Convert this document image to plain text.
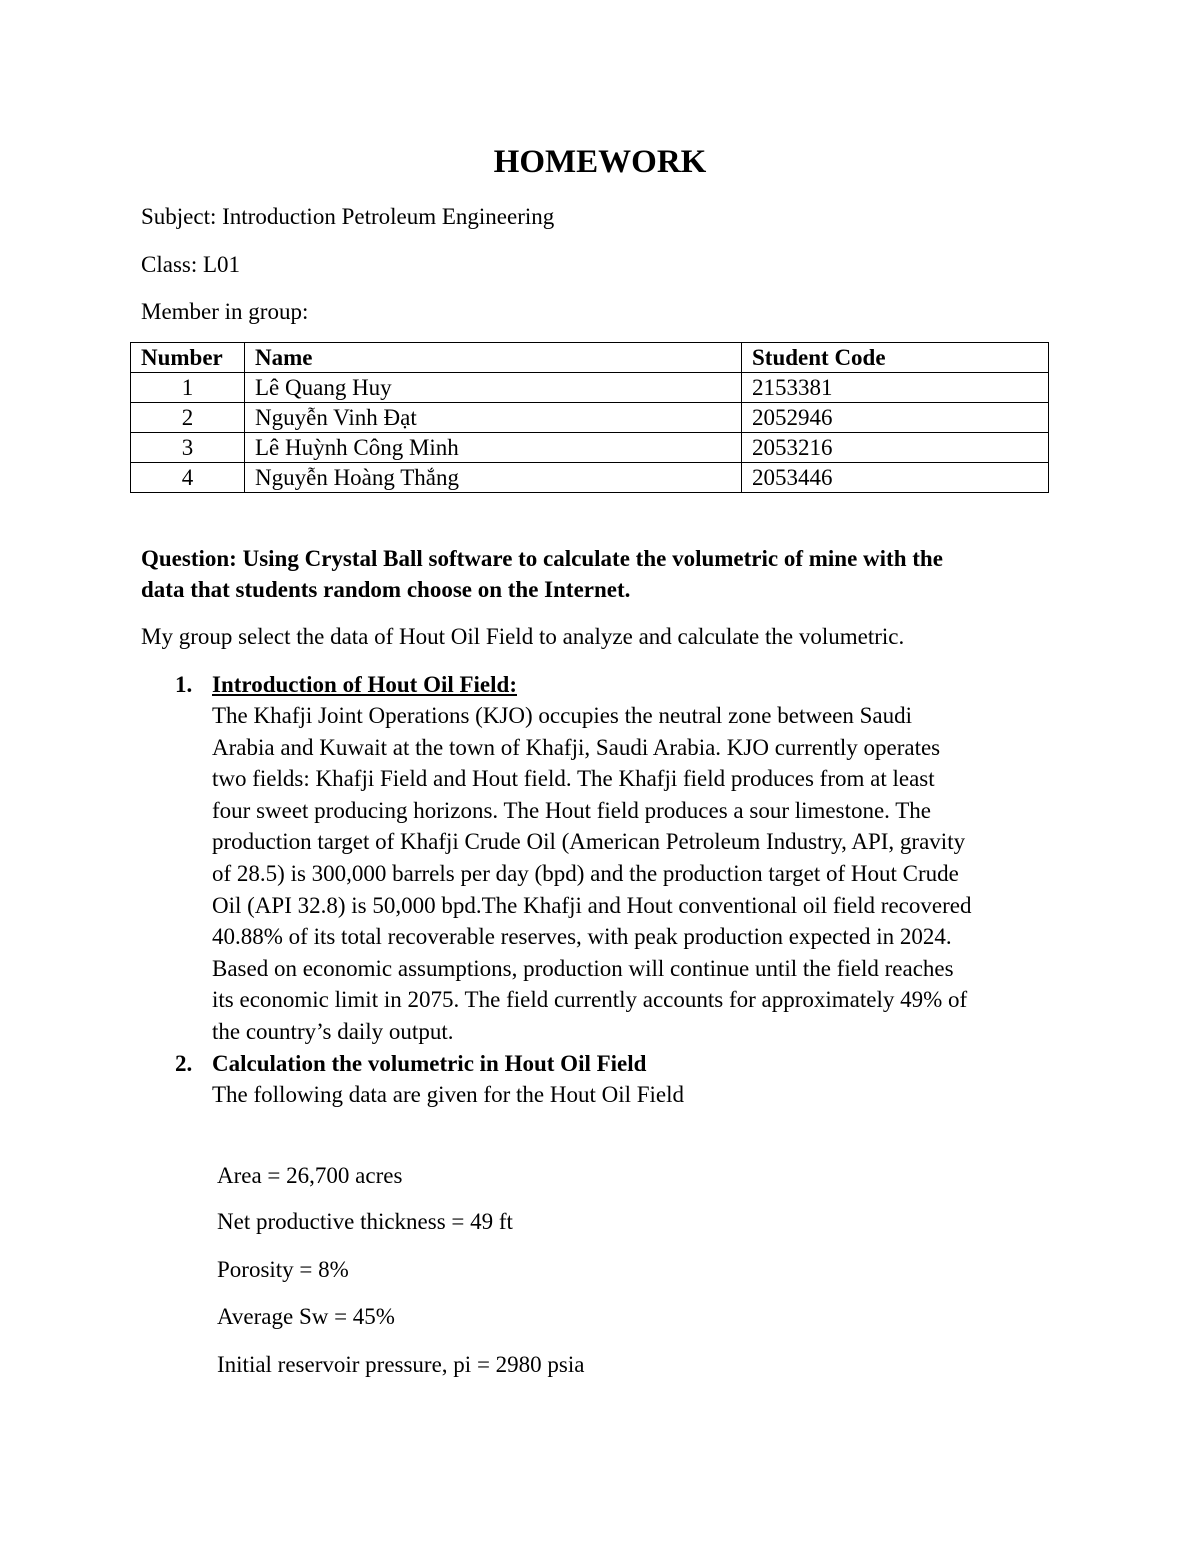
HOMEWORK
Subject: Introduction Petroleum Engineering
Class: L01
Member in group:
Number	Name	Student Code
1	Lê Quang Huy	2153381
2	Nguyễn Vinh Đạt	2052946
3	Lê Huỳnh Công Minh	2053216
4	Nguyễn Hoàng Thắng	2053446
Question: Using Crystal Ball software to calculate the volumetric of mine with the
data that students random choose on the Internet.
My group select the data of Hout Oil Field to analyze and calculate the volumetric.
1. Introduction of Hout Oil Field:
The Khafji Joint Operations (KJO) occupies the neutral zone between Saudi
Arabia and Kuwait at the town of Khafji, Saudi Arabia. KJO currently operates
two fields: Khafji Field and Hout field. The Khafji field produces from at least
four sweet producing horizons. The Hout field produces a sour limestone. The
production target of Khafji Crude Oil (American Petroleum Industry, API, gravity
of 28.5) is 300,000 barrels per day (bpd) and the production target of Hout Crude
Oil (API 32.8) is 50,000 bpd.The Khafji and Hout conventional oil field recovered
40.88% of its total recoverable reserves, with peak production expected in 2024.
Based on economic assumptions, production will continue until the field reaches
its economic limit in 2075. The field currently accounts for approximately 49% of
the country’s daily output.
2. Calculation the volumetric in Hout Oil Field
The following data are given for the Hout Oil Field
Area = 26,700 acres
Net productive thickness = 49 ft
Porosity = 8%
Average Sw = 45%
Initial reservoir pressure, pi = 2980 psia
